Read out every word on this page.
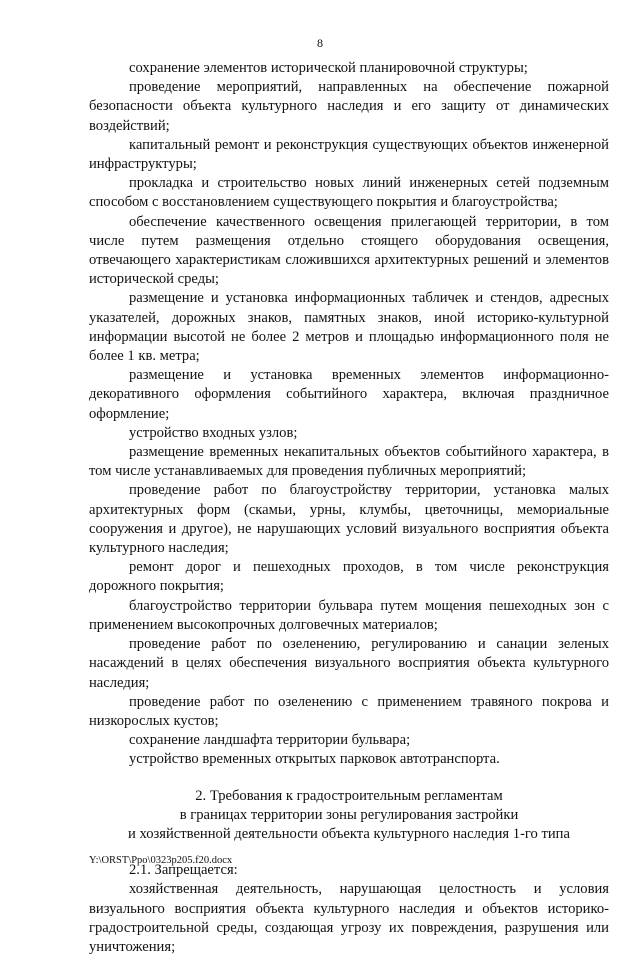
8

сохранение элементов исторической планировочной структуры;

проведение мероприятий, направленных на обеспечение пожарной безопасности объекта культурного наследия и его защиту от динамических воздействий;

капитальный ремонт и реконструкция существующих объектов инженерной инфраструктуры;

прокладка и строительство новых линий инженерных сетей подземным способом с восстановлением существующего покрытия и благоустройства;

обеспечение качественного освещения прилегающей территории, в том числе путем размещения отдельно стоящего оборудования освещения, отвечающего характеристикам сложившихся архитектурных решений и элементов исторической среды;

размещение и установка информационных табличек и стендов, адресных указателей, дорожных знаков, памятных знаков, иной историко-культурной информации высотой не более 2 метров и площадью информационного поля не более 1 кв. метра;

размещение и установка временных элементов информационно-декоративного оформления событийного характера, включая праздничное оформление;

устройство входных узлов;

размещение временных некапитальных объектов событийного характера, в том числе устанавливаемых для проведения публичных мероприятий;

проведение работ по благоустройству территории, установка малых архитектурных форм (скамьи, урны, клумбы, цветочницы, мемориальные сооружения и другое), не нарушающих условий визуального восприятия объекта культурного наследия;

ремонт дорог и пешеходных проходов, в том числе реконструкция дорожного покрытия;

благоустройство территории бульвара путем мощения пешеходных зон с применением высокопрочных долговечных материалов;

проведение работ по озеленению, регулированию и санации зеленых насаждений в целях обеспечения визуального восприятия объекта культурного наследия;

проведение работ по озеленению с применением травяного покрова и низкорослых кустов;

сохранение ландшафта территории бульвара;

устройство временных открытых парковок автотранспорта.

2. Требования к градостроительным регламентам
в границах территории зоны регулирования застройки
и хозяйственной деятельности объекта культурного наследия 1-го типа

2.1. Запрещается:

хозяйственная деятельность, нарушающая целостность и условия визуального восприятия объекта культурного наследия и объектов историко-градостроительной среды, создающая угрозу их повреждения, разрушения или уничтожения;

Y:\ORST\Ppo\0323p205.f20.docx
